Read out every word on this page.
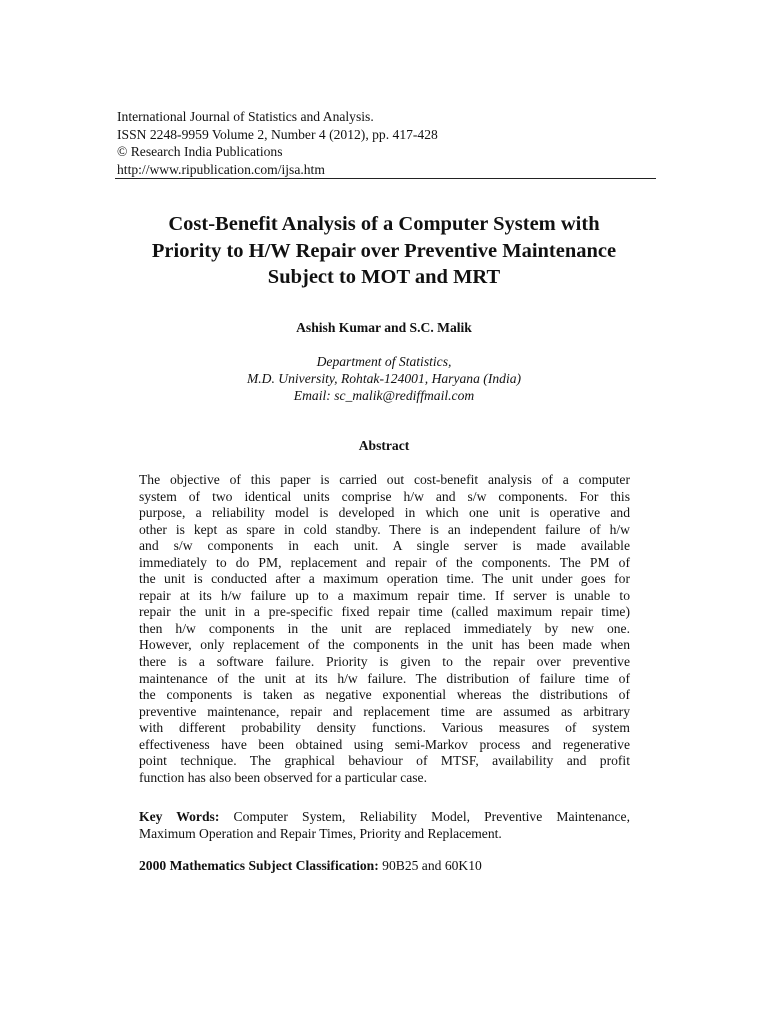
International Journal of Statistics and Analysis.
ISSN 2248-9959 Volume 2, Number 4 (2012), pp. 417-428
© Research India Publications
http://www.ripublication.com/ijsa.htm
Cost-Benefit Analysis of a Computer System with
Priority to H/W Repair over Preventive Maintenance
Subject to MOT and MRT
Ashish Kumar and S.C. Malik
Department of Statistics,
M.D. University, Rohtak-124001, Haryana (India)
Email: sc_malik@rediffmail.com
Abstract
The objective of this paper is carried out cost-benefit analysis of a computer
system of two identical units comprise h/w and s/w components. For this
purpose, a reliability model is developed in which one unit is operative and
other is kept as spare in cold standby. There is an independent failure of h/w
and s/w components in each unit. A single server is made available
immediately to do PM, replacement and repair of the components. The PM of
the unit is conducted after a maximum operation time. The unit under goes for
repair at its h/w failure up to a maximum repair time. If server is unable to
repair the unit in a pre-specific fixed repair time (called maximum repair time)
then h/w components in the unit are replaced immediately by new one.
However, only replacement of the components in the unit has been made when
there is a software failure. Priority is given to the repair over preventive
maintenance of the unit at its h/w failure. The distribution of failure time of
the components is taken as negative exponential whereas the distributions of
preventive maintenance, repair and replacement time are assumed as arbitrary
with different probability density functions. Various measures of system
effectiveness have been obtained using semi-Markov process and regenerative
point technique. The graphical behaviour of MTSF, availability and profit
function has also been observed for a particular case.
Key Words: Computer System, Reliability Model, Preventive Maintenance,
Maximum Operation and Repair Times, Priority and Replacement.
2000 Mathematics Subject Classification: 90B25 and 60K10
